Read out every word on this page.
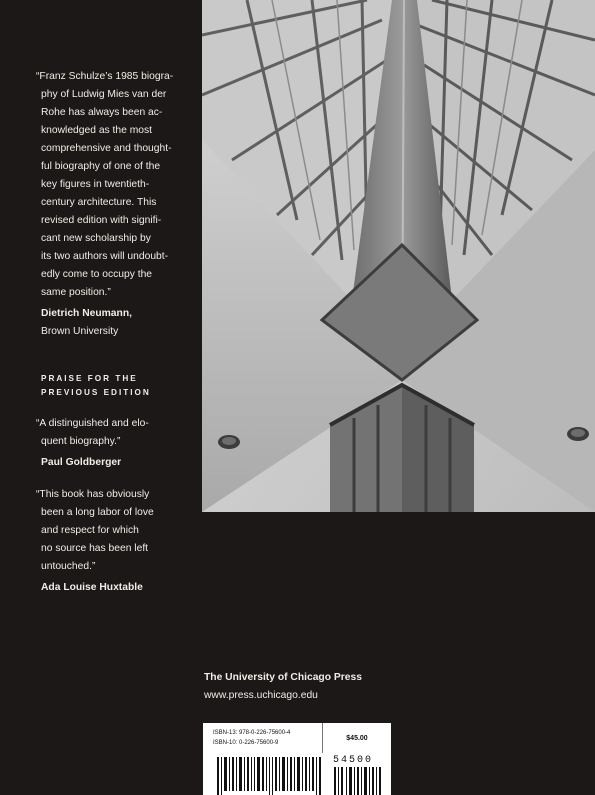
“Franz Schulze’s 1985 biogra-
phy of Ludwig Mies van der
Rohe has always been ac-
knowledged as the most
comprehensive and thought-
ful biography of one of the
key figures in twentieth-
century architecture. This
revised edition with signifi-
cant new scholarship by
its two authors will undoubt-
edly come to occupy the
same position.”

Dietrich Neumann,
Brown University
PRAISE FOR THE
PREVIOUS EDITION

“A distinguished and elo-
quent biography.”

Paul Goldberger

“This book has obviously
been a long labor of love
and respect for which
no source has been left
untouched.”

Ada Louise Huxtable
The University of Chicago Press
www.press.uchicago.edu
ISBN-13: 978-0-226-75600-4
ISBN-10: 0-226-75600-9
$45.00
54500
